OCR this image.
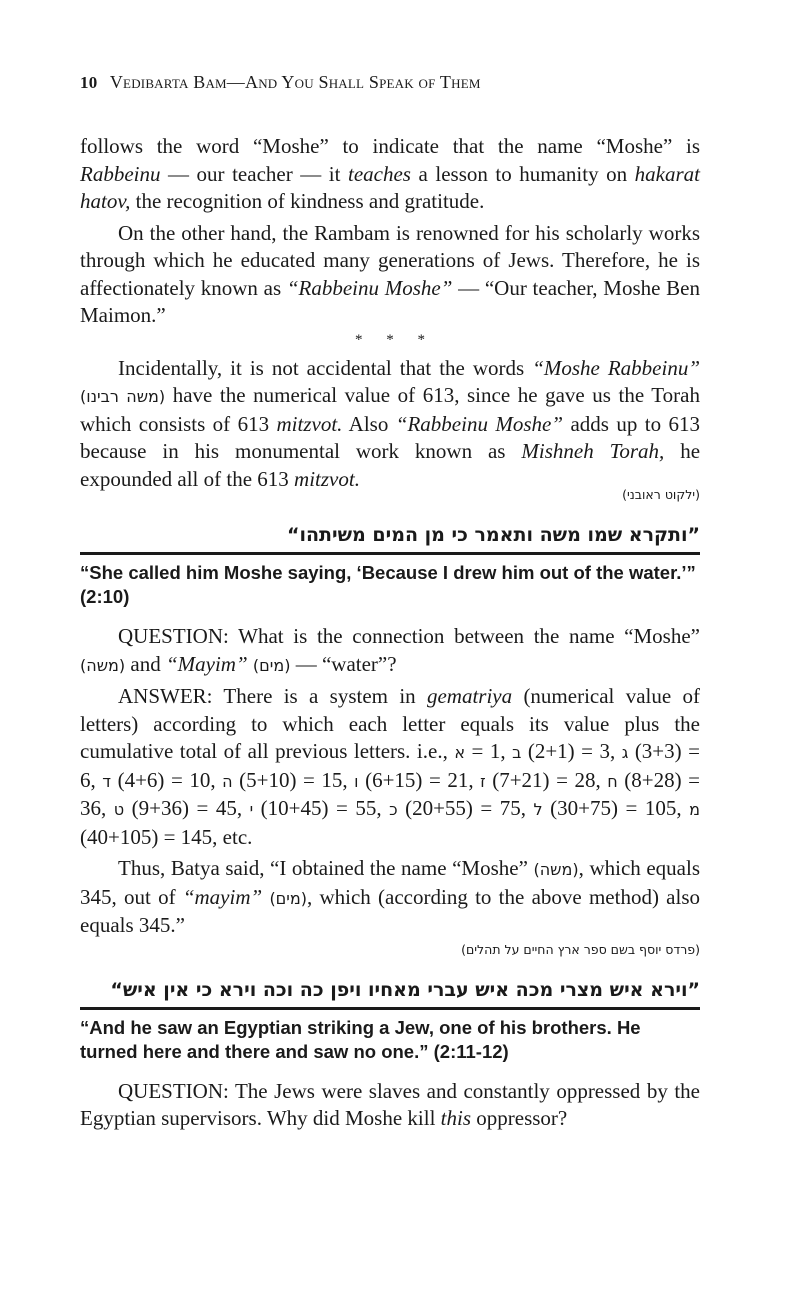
10 Vedibarta Bam—And You Shall Speak of Them

follows the word “Moshe” to indicate that the name “Moshe” is Rabbeinu — our teacher — it teaches a lesson to humanity on hakarat hatov, the recognition of kindness and gratitude.

On the other hand, the Rambam is renowned for his scholarly works through which he educated many generations of Jews. Therefore, he is affectionately known as “Rabbeinu Moshe” — “Our teacher, Moshe Ben Maimon.”

* * *

Incidentally, it is not accidental that the words “Moshe Rabbeinu” (משה רבינו) have the numerical value of 613, since he gave us the Torah which consists of 613 mitzvot. Also “Rabbeinu Moshe” adds up to 613 because in his monumental work known as Mishneh Torah, he expounded all of the 613 mitzvot.

(ילקוט ראובני)
”ותקרא שמו משה ותאמר כי מן המים משיתהו“
“She called him Moshe saying, ‘Because I drew him out of the water.’” (2:10)

QUESTION: What is the connection between the name “Moshe” (משה) and “Mayim” (מים) — “water”?

ANSWER: There is a system in gematriya (numerical value of letters) according to which each letter equals its value plus the cumulative total of all previous letters. i.e., א = 1, ב (2+1) = 3, ג (3+3) = 6, ד (4+6) = 10, ה (5+10) = 15, ו (6+15) = 21, ז (7+21) = 28, ח (8+28) = 36, ט (9+36) = 45, י (10+45) = 55, כ (20+55) = 75, ל (30+75) = 105, מ (40+105) = 145, etc.

Thus, Batya said, “I obtained the name “Moshe” (משה), which equals 345, out of “mayim” (מים), which (according to the above method) also equals 345.”

(פרדס יוסף בשם ספר ארץ החיים על תהלים)
”וירא איש מצרי מכה איש עברי מאחיו ויפן כה וכה וירא כי אין איש“
“And he saw an Egyptian striking a Jew, one of his brothers. He turned here and there and saw no one.” (2:11-12)

QUESTION: The Jews were slaves and constantly oppressed by the Egyptian supervisors. Why did Moshe kill this oppressor?
